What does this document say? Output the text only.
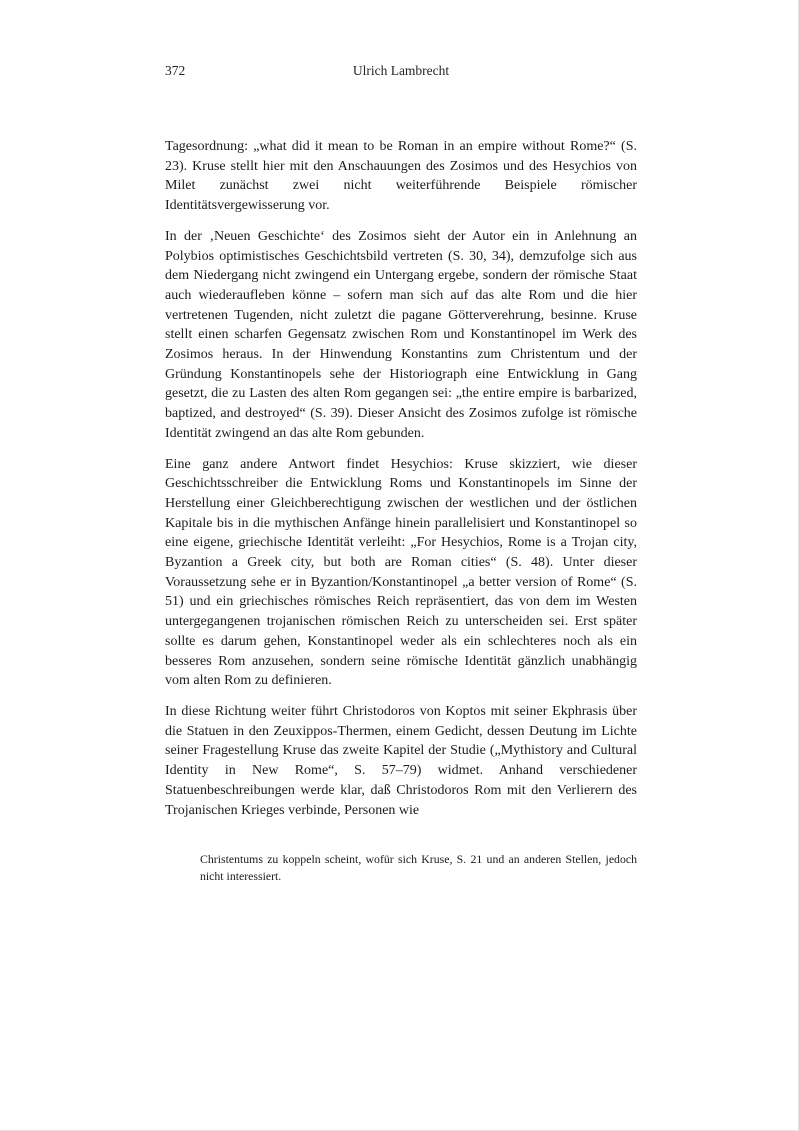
372	Ulrich Lambrecht

Tagesordnung: „what did it mean to be Roman in an empire without Rome?“ (S. 23). Kruse stellt hier mit den Anschauungen des Zosimos und des Hesychios von Milet zunächst zwei nicht weiterführende Beispiele römischer Identitätsvergewisserung vor.

In der ‚Neuen Geschichte‘ des Zosimos sieht der Autor ein in Anlehnung an Polybios optimistisches Geschichtsbild vertreten (S. 30, 34), demzufolge sich aus dem Niedergang nicht zwingend ein Untergang ergebe, sondern der römische Staat auch wiederaufleben könne – sofern man sich auf das alte Rom und die hier vertretenen Tugenden, nicht zuletzt die pagane Götterverehrung, besinne. Kruse stellt einen scharfen Gegensatz zwischen Rom und Konstantinopel im Werk des Zosimos heraus. In der Hinwendung Konstantins zum Christentum und der Gründung Konstantinopels sehe der Historiograph eine Entwicklung in Gang gesetzt, die zu Lasten des alten Rom gegangen sei: „the entire empire is barbarized, baptized, and destroyed“ (S. 39). Dieser Ansicht des Zosimos zufolge ist römische Identität zwingend an das alte Rom gebunden.

Eine ganz andere Antwort findet Hesychios: Kruse skizziert, wie dieser Geschichtsschreiber die Entwicklung Roms und Konstantinopels im Sinne der Herstellung einer Gleichberechtigung zwischen der westlichen und der östlichen Kapitale bis in die mythischen Anfänge hinein parallelisiert und Konstantinopel so eine eigene, griechische Identität verleiht: „For Hesychios, Rome is a Trojan city, Byzantion a Greek city, but both are Roman cities“ (S. 48). Unter dieser Voraussetzung sehe er in Byzantion/Konstantinopel „a better version of Rome“ (S. 51) und ein griechisches römisches Reich repräsentiert, das von dem im Westen untergegangenen trojanischen römischen Reich zu unterscheiden sei. Erst später sollte es darum gehen, Konstantinopel weder als ein schlechteres noch als ein besseres Rom anzusehen, sondern seine römische Identität gänzlich unabhängig vom alten Rom zu definieren.

In diese Richtung weiter führt Christodoros von Koptos mit seiner Ekphrasis über die Statuen in den Zeuxippos-Thermen, einem Gedicht, dessen Deutung im Lichte seiner Fragestellung Kruse das zweite Kapitel der Studie („Mythistory and Cultural Identity in New Rome“, S. 57–79) widmet. Anhand verschiedener Statuenbeschreibungen werde klar, daß Christodoros Rom mit den Verlierern des Trojanischen Krieges verbinde, Personen wie

Christentums zu koppeln scheint, wofür sich Kruse, S. 21 und an anderen Stellen, jedoch nicht interessiert.
